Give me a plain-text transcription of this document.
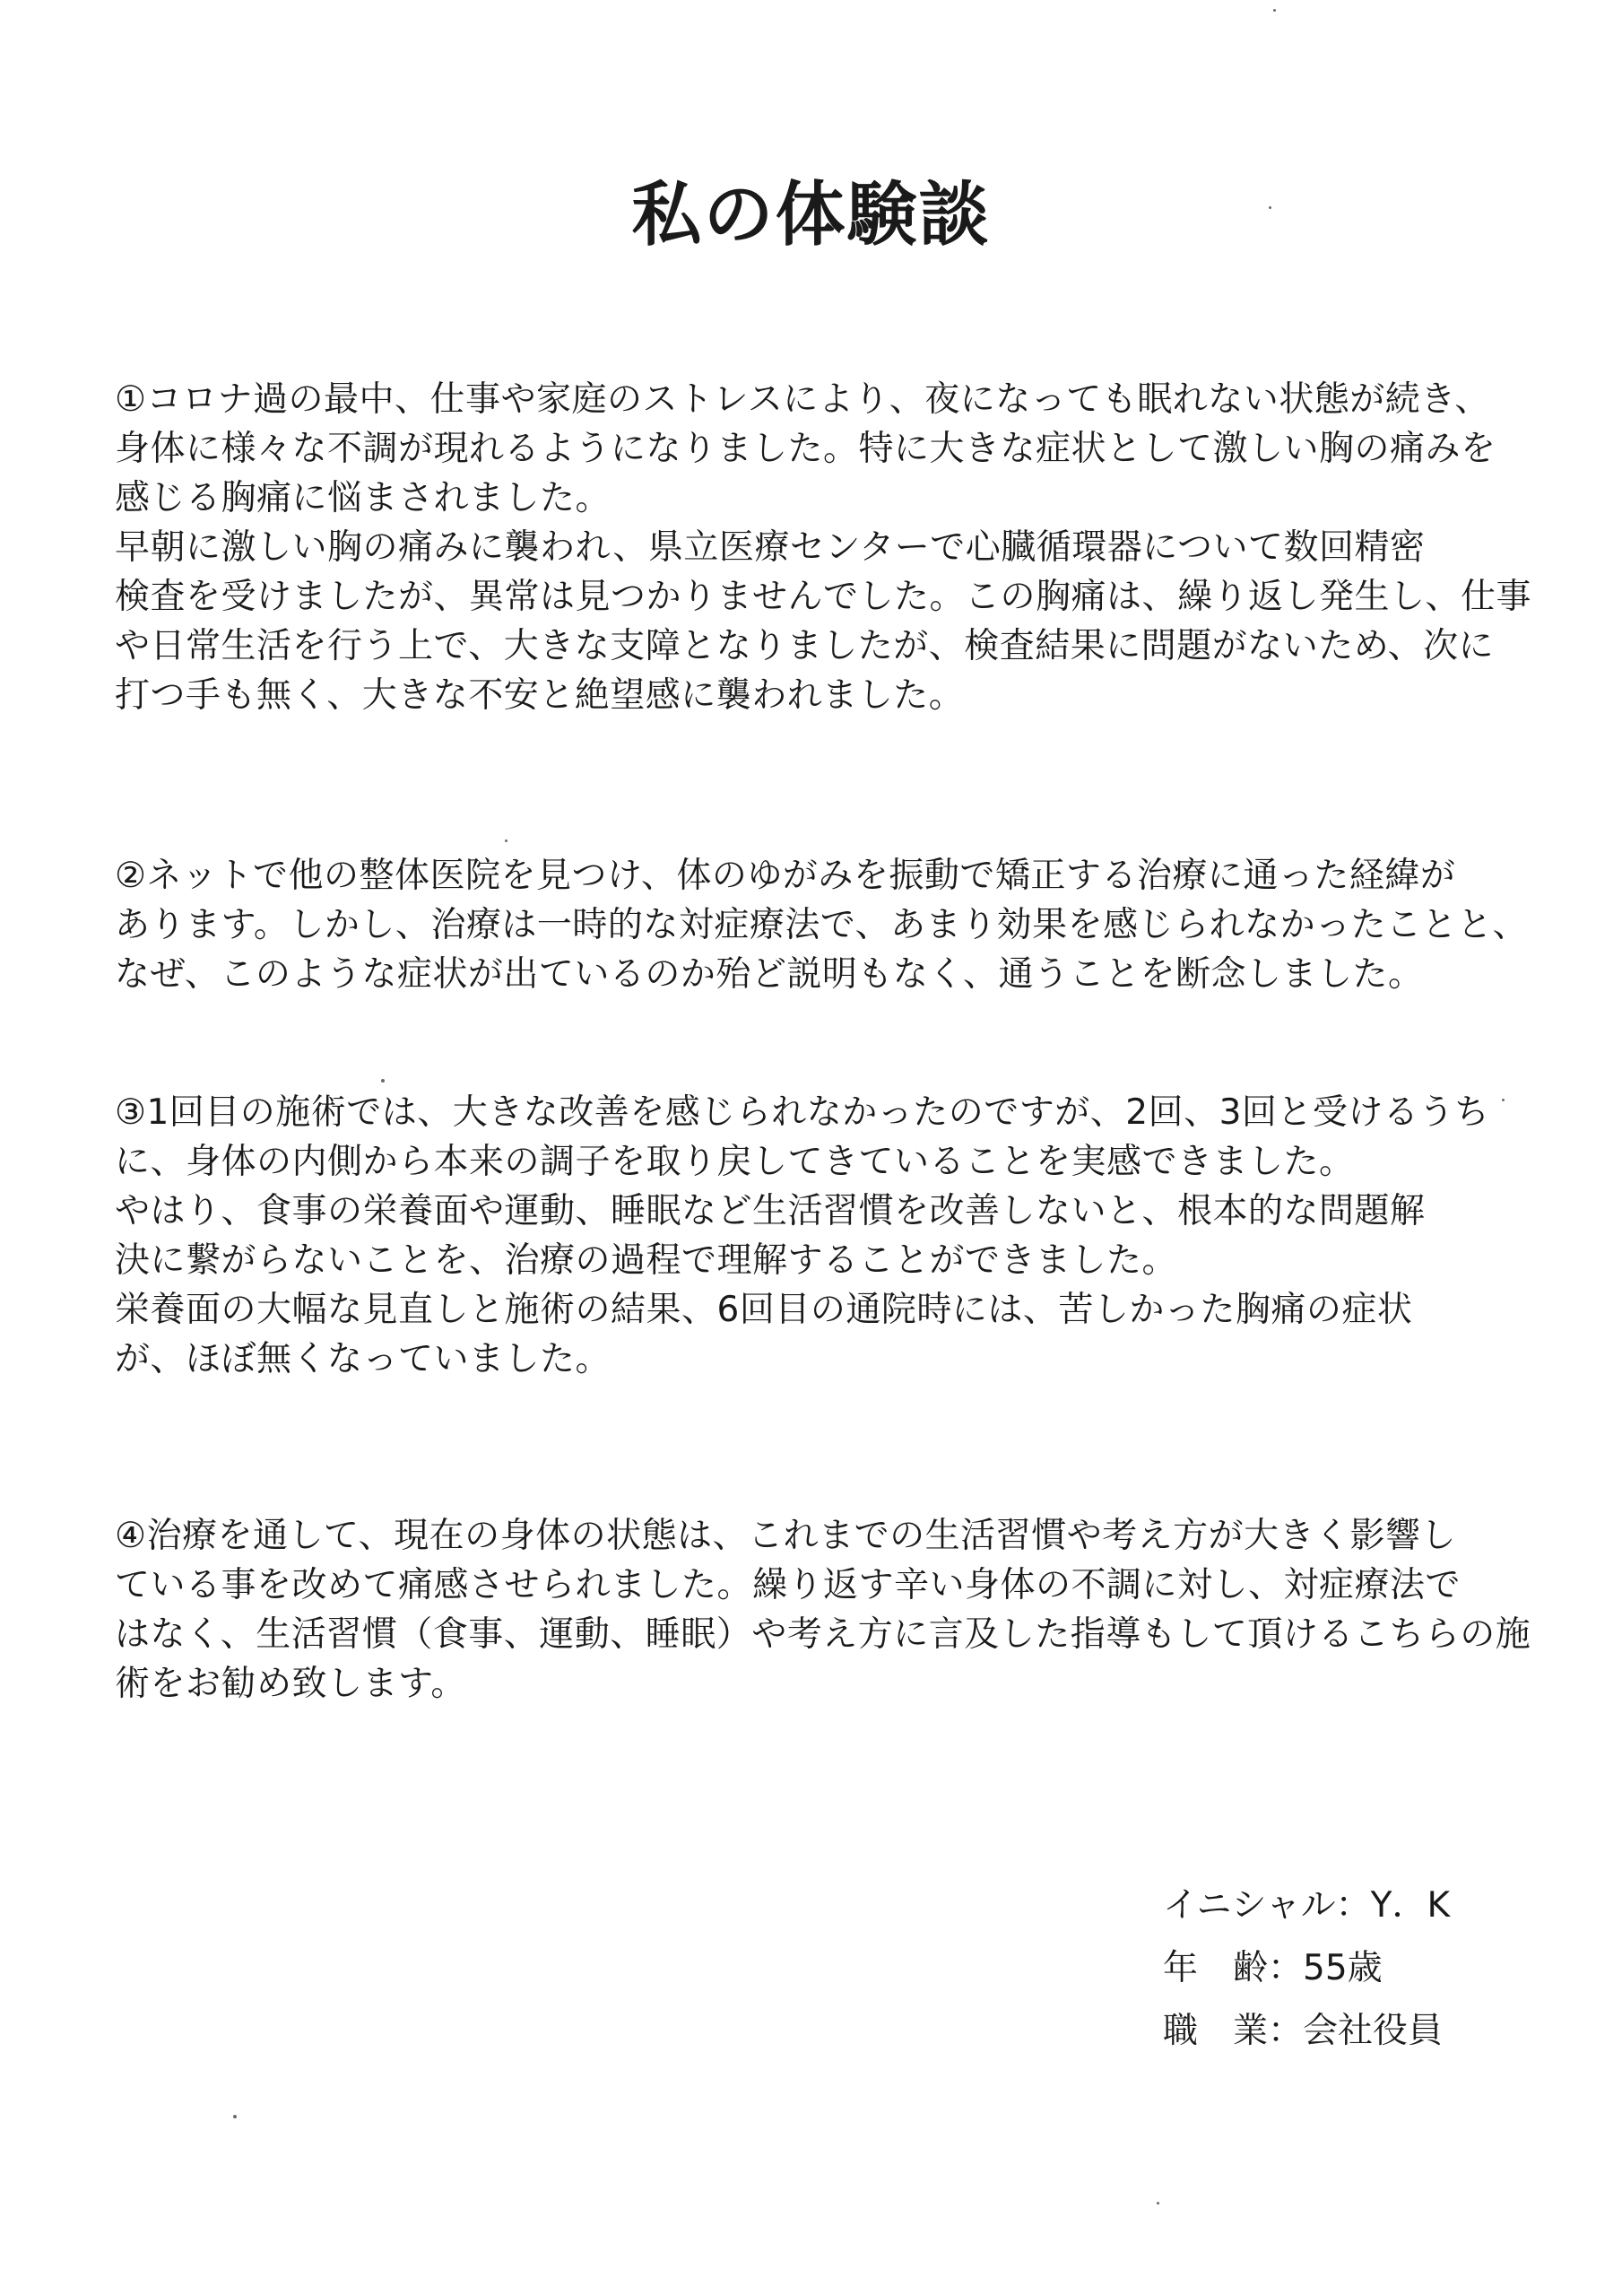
私の体験談
①コロナ過の最中、仕事や家庭のストレスにより、夜になっても眠れない状態が続き、
身体に様々な不調が現れるようになりました。特に大きな症状として激しい胸の痛みを
感じる胸痛に悩まされました。
早朝に激しい胸の痛みに襲われ、県立医療センターで心臓循環器について数回精密
検査を受けましたが、異常は見つかりませんでした。この胸痛は、繰り返し発生し、仕事
や日常生活を行う上で、大きな支障となりましたが、検査結果に問題がないため、次に
打つ手も無く、大きな不安と絶望感に襲われました。
②ネットで他の整体医院を見つけ、体のゆがみを振動で矯正する治療に通った経緯が
あります。しかし、治療は一時的な対症療法で、あまり効果を感じられなかったことと、
なぜ、このような症状が出ているのか殆ど説明もなく、通うことを断念しました。
③1回目の施術では、大きな改善を感じられなかったのですが、2回、3回と受けるうち
に、身体の内側から本来の調子を取り戻してきていることを実感できました。
やはり、食事の栄養面や運動、睡眠など生活習慣を改善しないと、根本的な問題解
決に繋がらないことを、治療の過程で理解することができました。
栄養面の大幅な見直しと施術の結果、6回目の通院時には、苦しかった胸痛の症状
が、ほぼ無くなっていました。
④治療を通して、現在の身体の状態は、これまでの生活習慣や考え方が大きく影響し
ている事を改めて痛感させられました。繰り返す辛い身体の不調に対し、対症療法で
はなく、生活習慣（食事、運動、睡眠）や考え方に言及した指導もして頂けるこちらの施
術をお勧め致します。
イニシャル：Y．K
年　齢：55歳
職　業：会社役員
